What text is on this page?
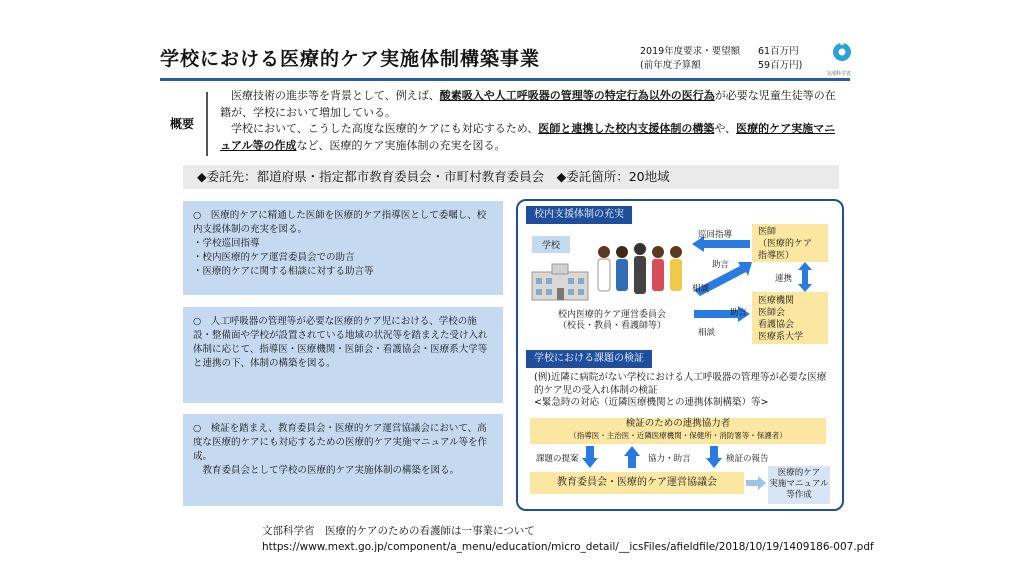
学校における医療的ケア実施体制構築事業	2019年度要求・要望額	61百万円
(前年度予算額	59百万円)
文部科学省
概要
　医療技術の進歩等を背景として、例えば、酸素吸入や人工呼吸器の管理等の特定行為以外の医行為が必要な児童生徒等の在籍が、学校において増加している。
　学校において、こうした高度な医療的ケアにも対応するため、医師と連携した校内支援体制の構築や、医療的ケア実施マニュアル等の作成など、医療的ケア実施体制の充実を図る。
◆委託先：都道府県・指定都市教育委員会・市町村教育委員会　◆委託箇所：20地域
○　医療的ケアに精通した医師を医療的ケア指導医として委嘱し、校内支援体制の充実を図る。
・学校巡回指導
・校内医療的ケア運営委員会での助言
・医療的ケアに関する相談に対する助言等
○　人工呼吸器の管理等が必要な医療的ケア児における、学校の施設・整備面や学校が設置されている地域の状況等を踏まえた受け入れ体制に応じて、指導医・医療機関・医師会・看護協会・医療系大学等と連携の下、体制の構築を図る。
○　検証を踏まえ、教育委員会・医療的ケア運営協議会において、高度な医療的ケアにも対応するための医療的ケア実施マニュアル等を作成。
　教育委員会として学校の医療的ケア実施体制の構築を図る。
校内支援体制の充実
学校
校内医療的ケア運営委員会
（校長・教員・看護師等）
医師
（医療的ケア
指導医）
医療機関
医師会
看護協会
医療系大学
巡回指導
助言
相談
連携
助言
相談
学校における課題の検証
(例)近隣に病院がない学校における人工呼吸器の管理等が必要な医療的ケア児の受入れ体制の検証
<緊急時の対応（近隣医療機関との連携体制構築）等>
検証のための連携協力者
（指導医・主治医・近隣医療機関・保健所・消防署等・保護者）
課題の提案	協力・助言	検証の報告
教育委員会・医療的ケア運営協議会
医療的ケア
実施マニュアル
等作成
文部科学省　医療的ケアのための看護師は一事業について
https://www.mext.go.jp/component/a_menu/education/micro_detail/__icsFiles/afieldfile/2018/10/19/1409186-007.pdf
